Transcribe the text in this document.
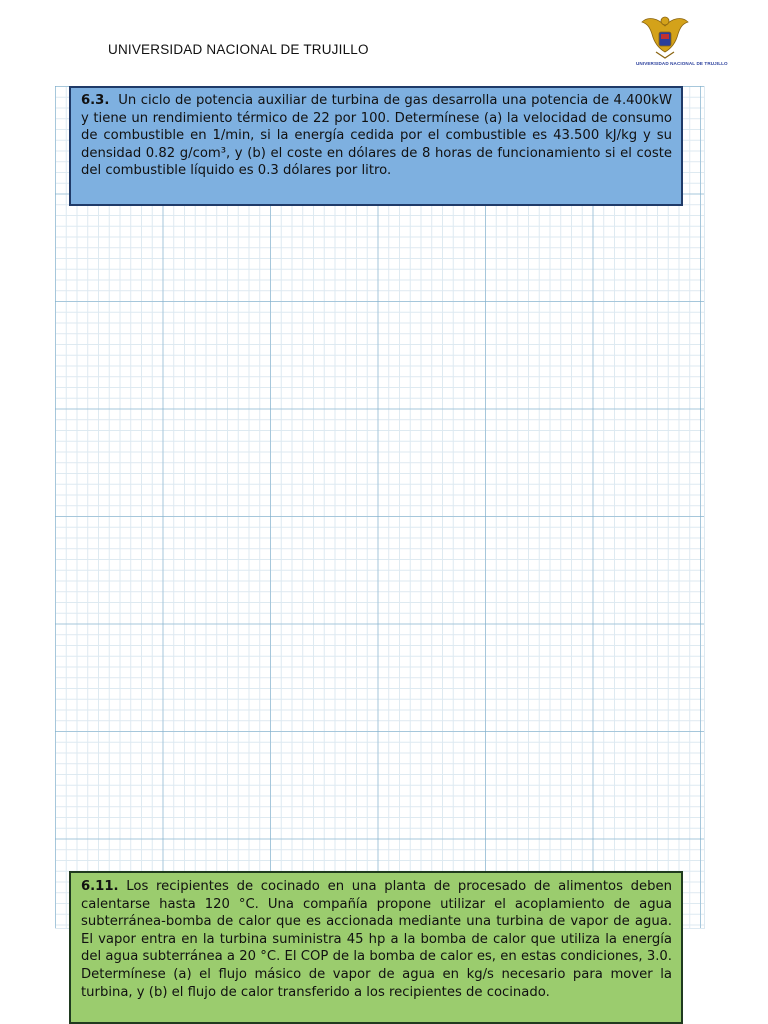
UNIVERSIDAD NACIONAL DE TRUJILLO
UNIVERSIDAD NACIONAL DE TRUJILLO
6.3. Un ciclo de potencia auxiliar de turbina de gas desarrolla una potencia de 4.400kW y tiene un rendimiento térmico de 22 por 100. Determínese (a) la velocidad de consumo de combustible en 1/min, si la energía cedida por el combustible es 43.500 kJ/kg y su densidad 0.82 g/com³, y (b) el coste en dólares de 8 horas de funcionamiento si el coste del combustible líquido es 0.3 dólares por litro.
6.11. Los recipientes de cocinado en una planta de procesado de alimentos deben calentarse hasta 120 °C. Una compañía propone utilizar el acoplamiento de agua subterránea-bomba de calor que es accionada mediante una turbina de vapor de agua. El vapor entra en la turbina suministra 45 hp a la bomba de calor que utiliza la energía del agua subterránea a 20 °C. El COP de la bomba de calor es, en estas condiciones, 3.0. Determínese (a) el flujo másico de vapor de agua en kg/s necesario para mover la turbina, y (b) el flujo de calor transferido a los recipientes de cocinado.
